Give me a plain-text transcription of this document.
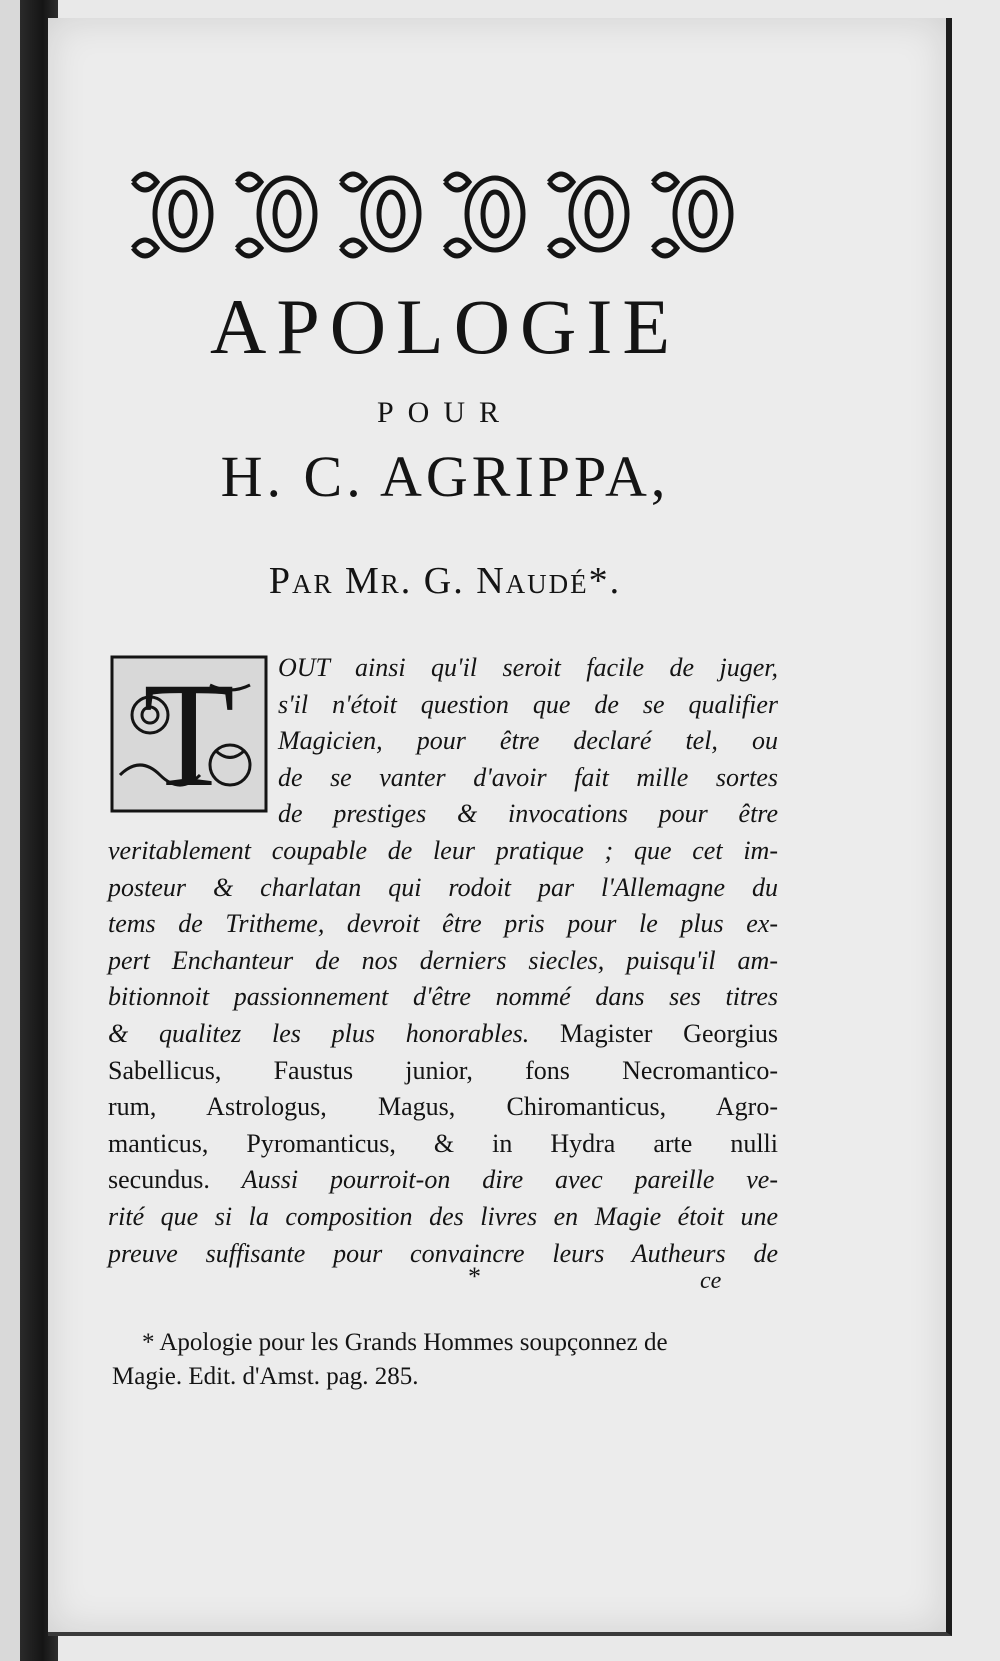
APOLOGIE
POUR
H. C. AGRIPPA,
Par Mr. G. Naudé*.
T	OUT ainsi qu'il seroit facile de juger,
s'il n'étoit question que de se qualifier
Magicien, pour être declaré tel, ou
de se vanter d'avoir fait mille sortes
de prestiges & invocations pour être
veritablement coupable de leur pratique ; que cet im-
posteur & charlatan qui rodoit par l'Allemagne du
tems de Tritheme, devroit être pris pour le plus ex-
pert Enchanteur de nos derniers siecles, puisqu'il am-
bitionnoit passionnement d'être nommé dans ses titres
& qualitez les plus honorables. Magister Georgius
Sabellicus, Faustus junior, fons Necromantico-
rum, Astrologus, Magus, Chiromanticus, Agro-
manticus, Pyromanticus, & in Hydra arte nulli
secundus. Aussi pourroit-on dire avec pareille ve-
rité que si la composition des livres en Magie étoit une
preuve suffisante pour convaincre leurs Autheurs de
*	ce
* Apologie pour les Grands Hommes soupçonnez de
Magie. Edit. d'Amst. pag. 285.
